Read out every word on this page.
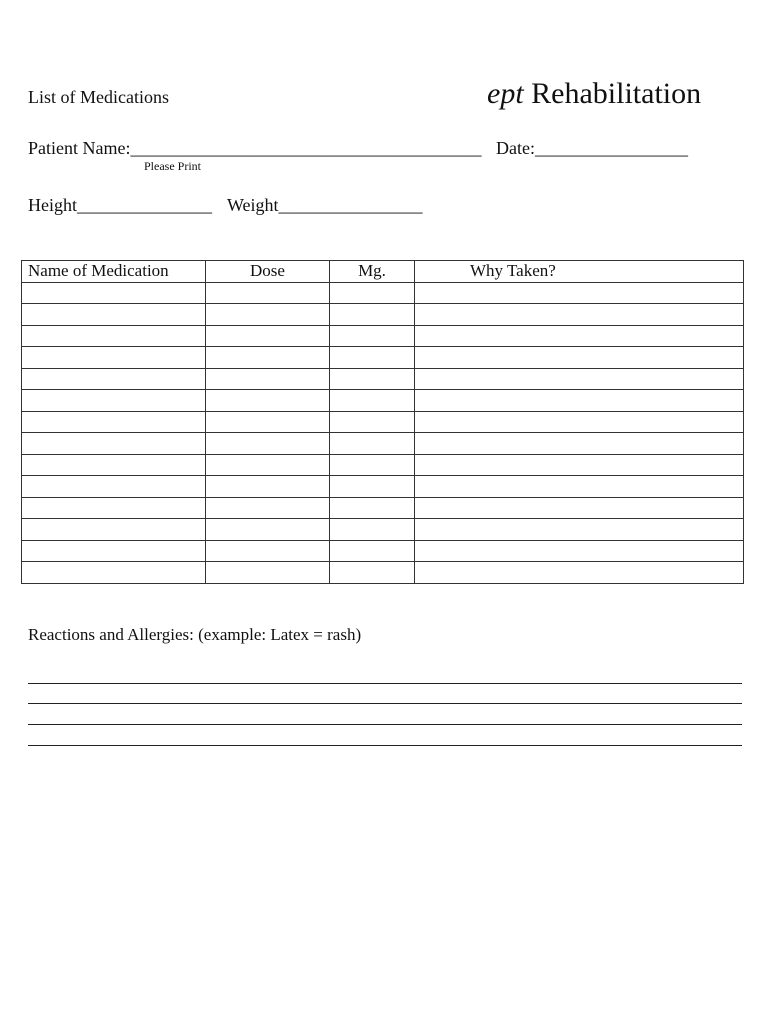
List of Medications	ept Rehabilitation
Patient Name:_______________________________________ Date:_________________
Please Print
Height_______________ Weight________________
Name of Medication	Dose	Mg.	Why Taken?

Reactions and Allergies: (example: Latex = rash)
